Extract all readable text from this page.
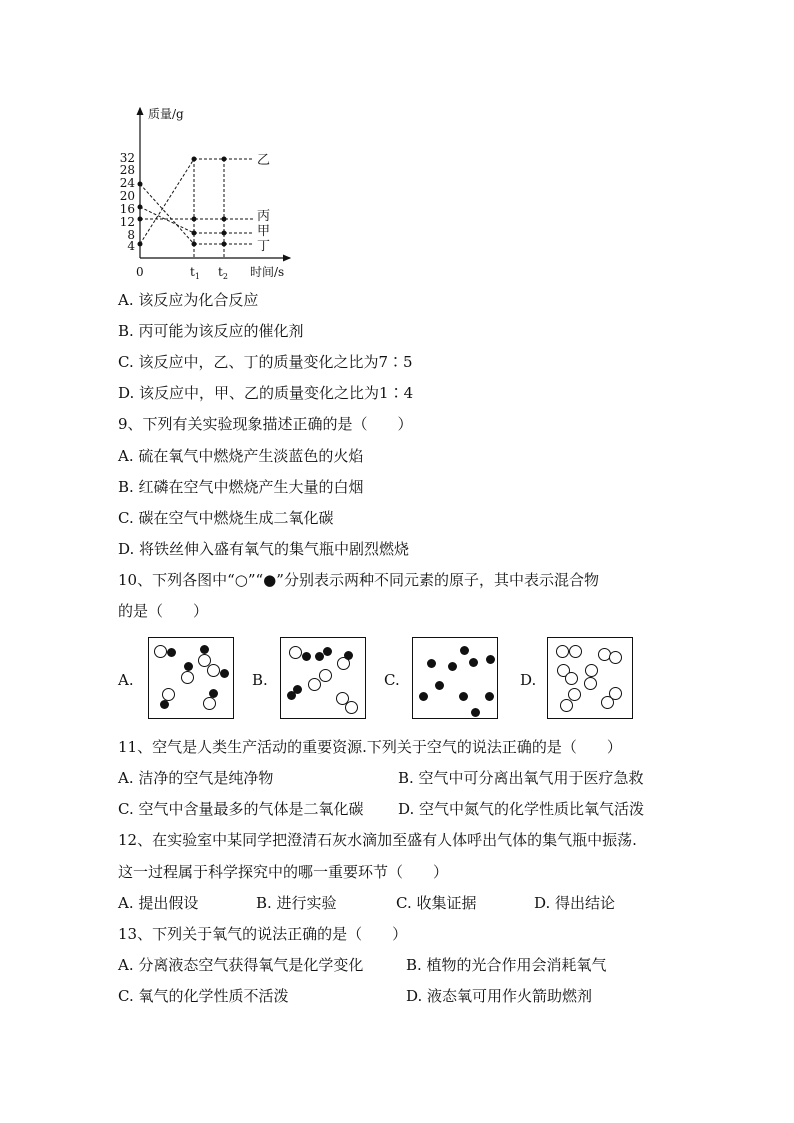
质量/g
时间/s
0
32
28
24
20
16
12
8
4
$t_1$ $t_2$
乙
丙
甲
丁
A. 该反应为化合反应
B. 丙可能为该反应的催化剂
C. 该反应中，乙、丁的质量变化之比为7∶5
D. 该反应中，甲、乙的质量变化之比为1∶4
9、下列有关实验现象描述正确的是（　　）
A. 硫在氧气中燃烧产生淡蓝色的火焰
B. 红磷在空气中燃烧产生大量的白烟
C. 碳在空气中燃烧生成二氧化碳
D. 将铁丝伸入盛有氧气的集气瓶中剧烈燃烧
10、下列各图中“○”“●”分别表示两种不同元素的原子，其中表示混合物
的是（　　）
A.	B.	C.	D.
11、空气是人类生产活动的重要资源.下列关于空气的说法正确的是（　　）
A. 洁净的空气是纯净物	B. 空气中可分离出氧气用于医疗急救
C. 空气中含量最多的气体是二氧化碳 D. 空气中氮气的化学性质比氧气活泼
12、在实验室中某同学把澄清石灰水滴加至盛有人体呼出气体的集气瓶中振荡.
这一过程属于科学探究中的哪一重要环节（　　）
A. 提出假设	B. 进行实验	C. 收集证据	D. 得出结论
13、下列关于氧气的说法正确的是（　　）
A. 分离液态空气获得氧气是化学变化	B. 植物的光合作用会消耗氧气
C. 氧气的化学性质不活泼	D. 液态氧可用作火箭助燃剂
